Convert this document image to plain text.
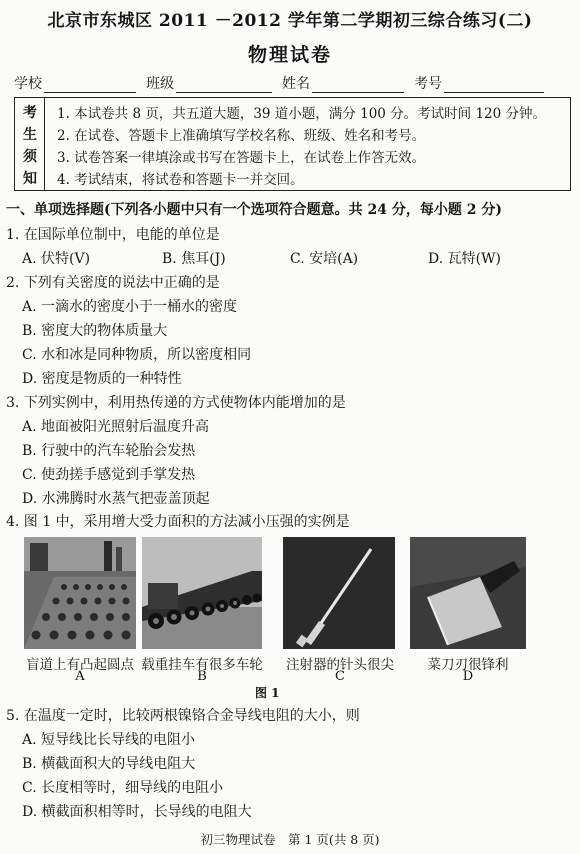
北京市东城区 2011 －2012 学年第二学期初三综合练习(二)
物理试卷
学校	班级	姓名	考号
考
生
须
知
1. 本试卷共 8 页，共五道大题，39 道小题，满分 100 分。考试时间 120 分钟。
2. 在试卷、答题卡上准确填写学校名称、班级、姓名和考号。
3. 试卷答案一律填涂或书写在答题卡上，在试卷上作答无效。
4. 考试结束，将试卷和答题卡一并交回。
一、单项选择题(下列各小题中只有一个选项符合题意。共 24 分，每小题 2 分)
1. 在国际单位制中，电能的单位是
A. 伏特(V)	B. 焦耳(J)	C. 安培(A)	D. 瓦特(W)
2. 下列有关密度的说法中正确的是
A. 一滴水的密度小于一桶水的密度
B. 密度大的物体质量大
C. 水和冰是同种物质，所以密度相同
D. 密度是物质的一种特性
3. 下列实例中，利用热传递的方式使物体内能增加的是
A. 地面被阳光照射后温度升高
B. 行驶中的汽车轮胎会发热
C. 使劲搓手感觉到手掌发热
D. 水沸腾时水蒸气把壶盖顶起
4. 图 1 中，采用增大受力面积的方法减小压强的实例是
盲道上有凸起圆点 载重挂车有很多车轮	注射器的针头很尖	菜刀刃很锋利
A	B	C	D
图 1
5. 在温度一定时，比较两根镍铬合金导线电阻的大小，则
A. 短导线比长导线的电阻小
B. 横截面积大的导线电阻大
C. 长度相等时，细导线的电阻小
D. 横截面积相等时，长导线的电阻大
初三物理试卷　第 1 页(共 8 页)
